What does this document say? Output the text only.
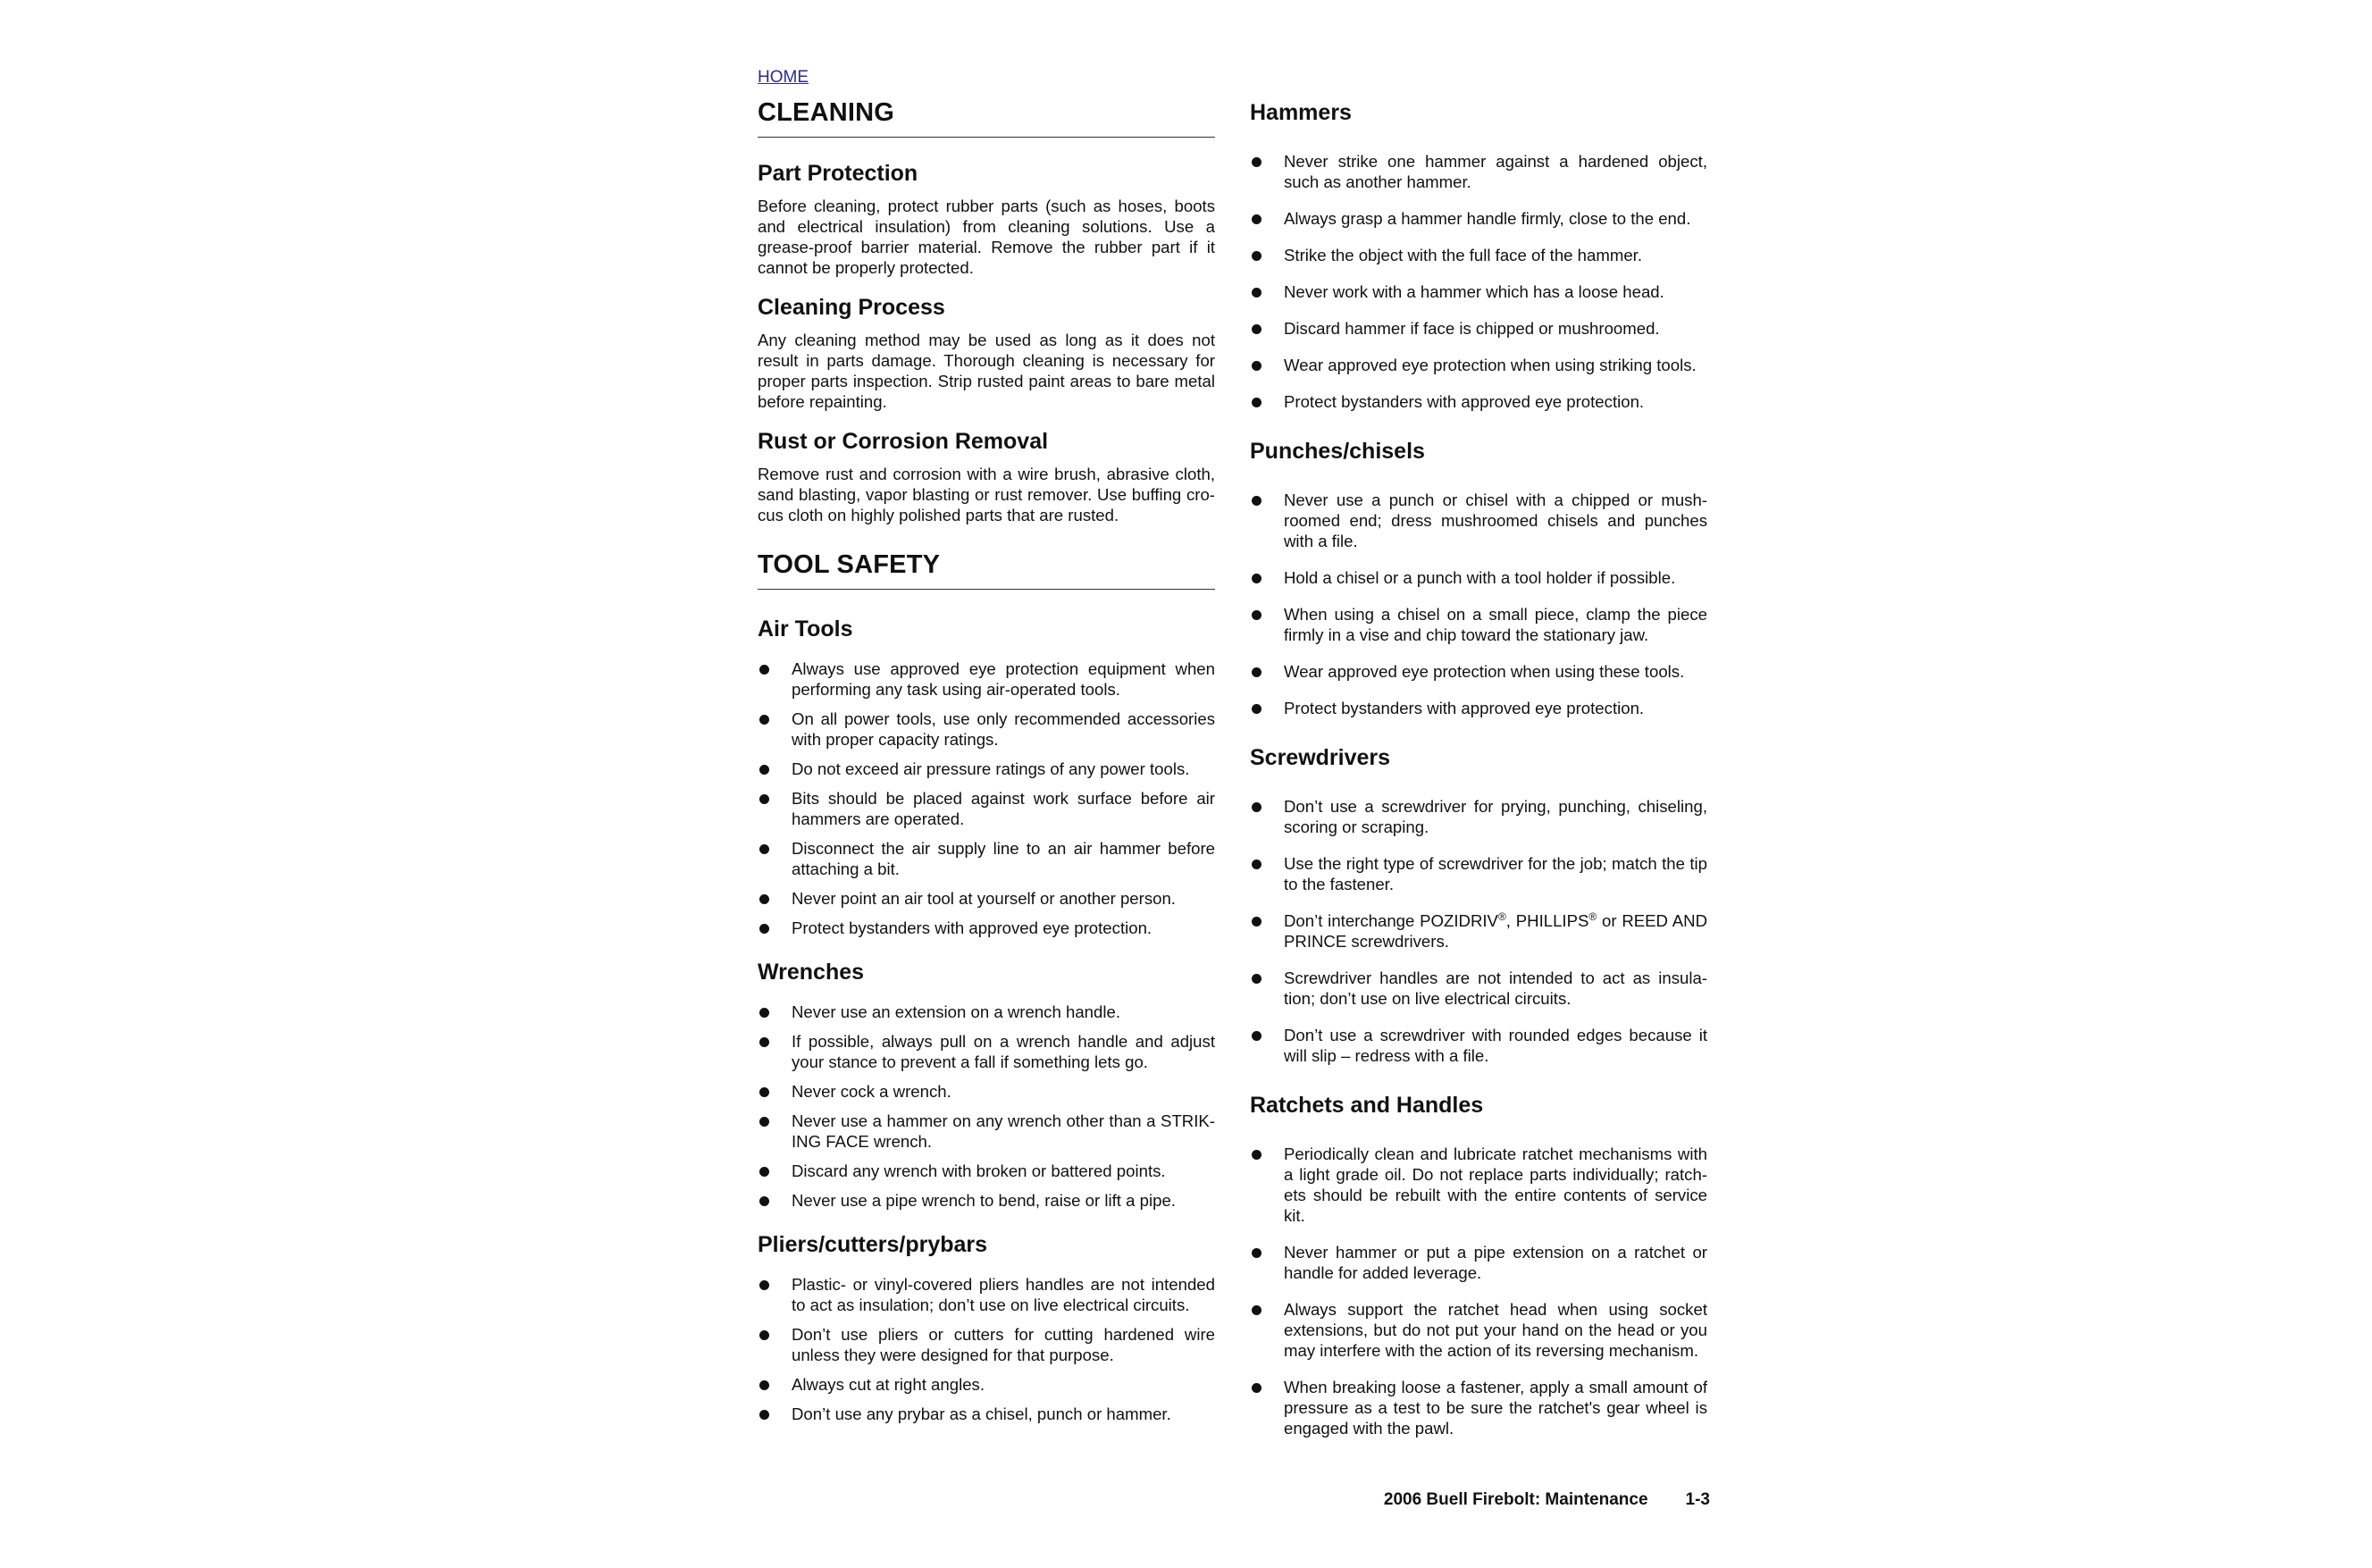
HOME
CLEANING
Part Protection

Before cleaning, protect rubber parts (such as hoses, boots and electrical insulation) from cleaning solutions. Use a grease-proof barrier material. Remove the rubber part if it cannot be properly protected.

Cleaning Process

Any cleaning method may be used as long as it does not result in parts damage. Thorough cleaning is necessary for proper parts inspection. Strip rusted paint areas to bare metal before repainting.

Rust or Corrosion Removal

Remove rust and corrosion with a wire brush, abrasive cloth, sand blasting, vapor blasting or rust remover. Use buffing cro- cus cloth on highly polished parts that are rusted.

TOOL SAFETY
Air Tools
Always use approved eye protection equipment when performing any task using air-operated tools.
On all power tools, use only recommended accessories with proper capacity ratings.
Do not exceed air pressure ratings of any power tools.
Bits should be placed against work surface before air hammers are operated.
Disconnect the air supply line to an air hammer before attaching a bit.
Never point an air tool at yourself or another person.
Protect bystanders with approved eye protection.
Wrenches
Never use an extension on a wrench handle.
If possible, always pull on a wrench handle and adjust your stance to prevent a fall if something lets go.
Never cock a wrench.
Never use a hammer on any wrench other than a STRIK- ING FACE wrench.
Discard any wrench with broken or battered points.
Never use a pipe wrench to bend, raise or lift a pipe.
Pliers/cutters/prybars
Plastic- or vinyl-covered pliers handles are not intended to act as insulation; don’t use on live electrical circuits.
Don’t use pliers or cutters for cutting hardened wire unless they were designed for that purpose.
Always cut at right angles.
Don’t use any prybar as a chisel, punch or hammer.
Hammers
Never strike one hammer against a hardened object, such as another hammer.
Always grasp a hammer handle firmly, close to the end.
Strike the object with the full face of the hammer.
Never work with a hammer which has a loose head.
Discard hammer if face is chipped or mushroomed.
Wear approved eye protection when using striking tools.
Protect bystanders with approved eye protection.
Punches/chisels
Never use a punch or chisel with a chipped or mush- roomed end; dress mushroomed chisels and punches with a file.
Hold a chisel or a punch with a tool holder if possible.
When using a chisel on a small piece, clamp the piece firmly in a vise and chip toward the stationary jaw.
Wear approved eye protection when using these tools.
Protect bystanders with approved eye protection.
Screwdrivers
Don’t use a screwdriver for prying, punching, chiseling, scoring or scraping.
Use the right type of screwdriver for the job; match the tip to the fastener.
Don’t interchange POZIDRIV®, PHILLIPS® or REED AND PRINCE screwdrivers.
Screwdriver handles are not intended to act as insula- tion; don’t use on live electrical circuits.
Don’t use a screwdriver with rounded edges because it will slip – redress with a file.
Ratchets and Handles
Periodically clean and lubricate ratchet mechanisms with a light grade oil. Do not replace parts individually; ratch- ets should be rebuilt with the entire contents of service kit.
Never hammer or put a pipe extension on a ratchet or handle for added leverage.
Always support the ratchet head when using socket extensions, but do not put your hand on the head or you may interfere with the action of its reversing mechanism.
When breaking loose a fastener, apply a small amount of pressure as a test to be sure the ratchet's gear wheel is engaged with the pawl.
2006 Buell Firebolt: Maintenance 1-3
